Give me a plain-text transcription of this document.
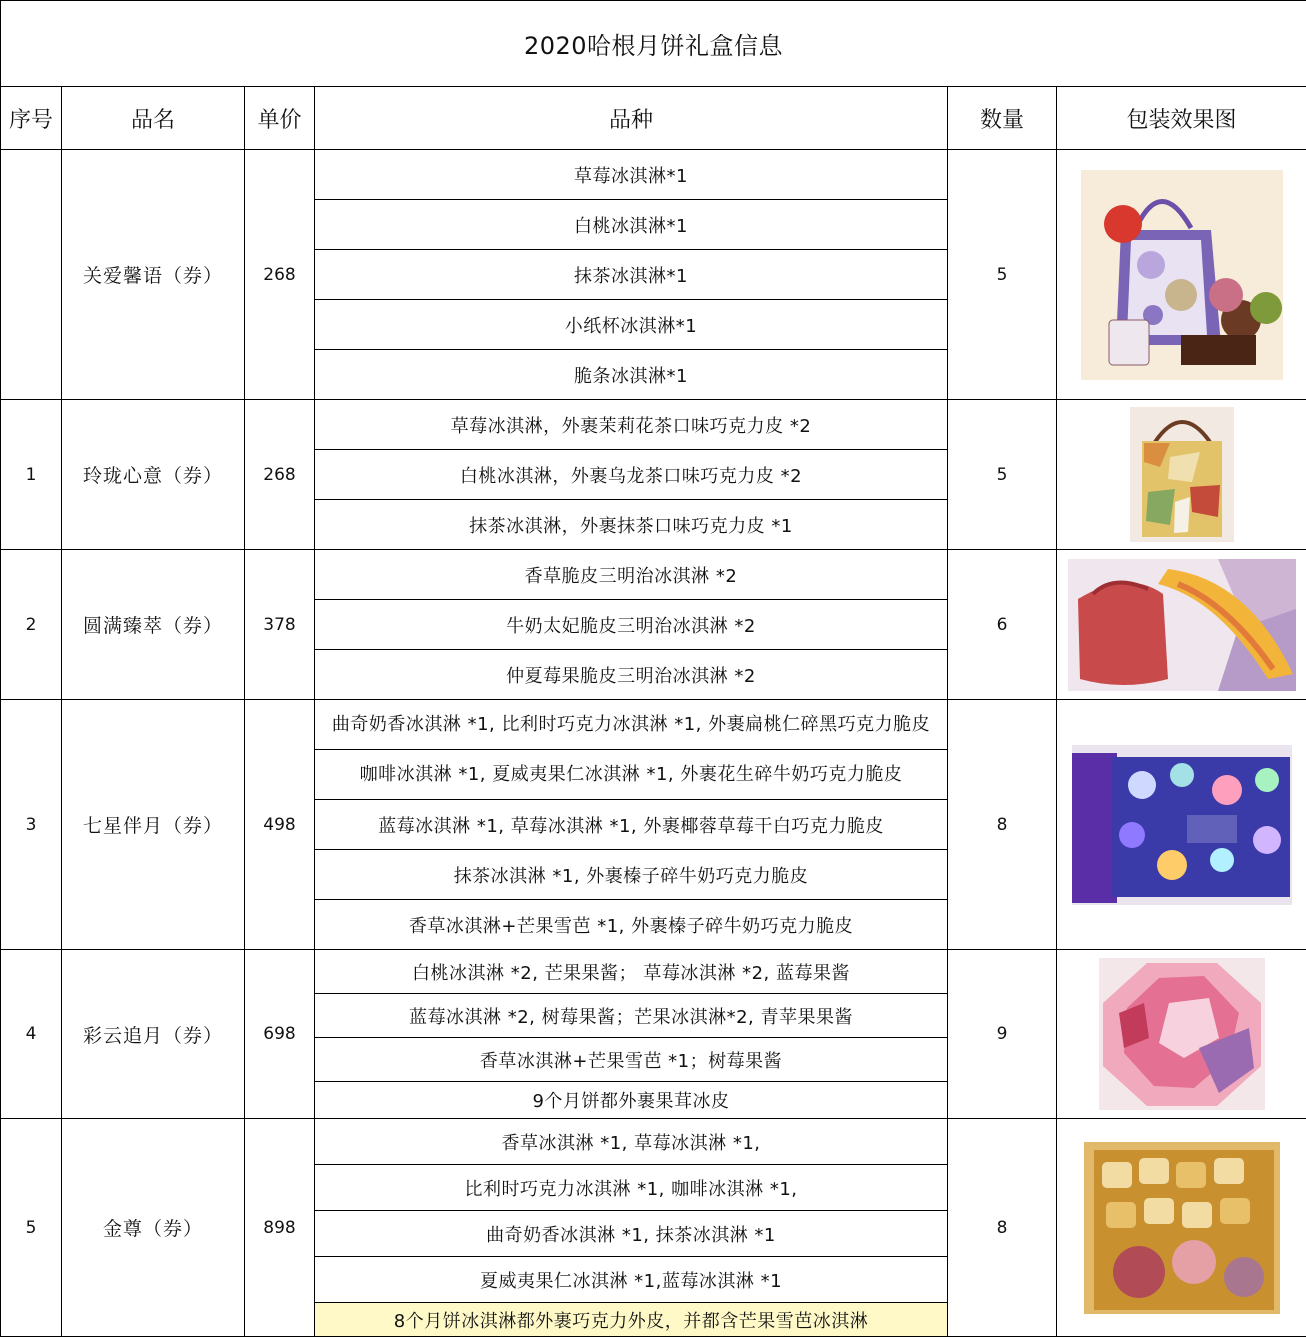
2020哈根月饼礼盒信息					
序号	品名	单价	品种	数量	包装效果图
	关爱馨语（券）	268	草莓冰淇淋*1	5	

			白桃冰淇淋*1		
			抹茶冰淇淋*1		
			小纸杯冰淇淋*1		
			脆条冰淇淋*1		
1	玲珑心意（券）	268	草莓冰淇淋，外裹茉莉花茶口味巧克力皮 *2	5	

			白桃冰淇淋，外裹乌龙茶口味巧克力皮 *2		
			抹茶冰淇淋，外裹抹茶口味巧克力皮 *1		
2	圆满臻萃（券）	378	香草脆皮三明治冰淇淋 *2	6	

			牛奶太妃脆皮三明治冰淇淋 *2		
			仲夏莓果脆皮三明治冰淇淋 *2		
3	七星伴月（券）	498	曲奇奶香冰淇淋 *1, 比利时巧克力冰淇淋 *1, 外裹扁桃仁碎黑巧克力脆皮	8	

			咖啡冰淇淋 *1, 夏威夷果仁冰淇淋 *1, 外裹花生碎牛奶巧克力脆皮		
			蓝莓冰淇淋 *1, 草莓冰淇淋 *1, 外裹椰蓉草莓干白巧克力脆皮		
			抹茶冰淇淋 *1, 外裹榛子碎牛奶巧克力脆皮		
			香草冰淇淋+芒果雪芭 *1, 外裹榛子碎牛奶巧克力脆皮		
4	彩云追月（券）	698	白桃冰淇淋 *2, 芒果果酱； 草莓冰淇淋 *2, 蓝莓果酱	9	

			蓝莓冰淇淋 *2, 树莓果酱；芒果冰淇淋*2, 青苹果果酱		
			香草冰淇淋+芒果雪芭 *1；树莓果酱		
			9个月饼都外裹果茸冰皮		
5	金尊（券）	898	香草冰淇淋 *1, 草莓冰淇淋 *1,	8	

			比利时巧克力冰淇淋 *1, 咖啡冰淇淋 *1,		
			曲奇奶香冰淇淋 *1, 抹茶冰淇淋 *1		
			夏威夷果仁冰淇淋 *1,蓝莓冰淇淋 *1		
			8个月饼冰淇淋都外裹巧克力外皮，并都含芒果雪芭冰淇淋		
